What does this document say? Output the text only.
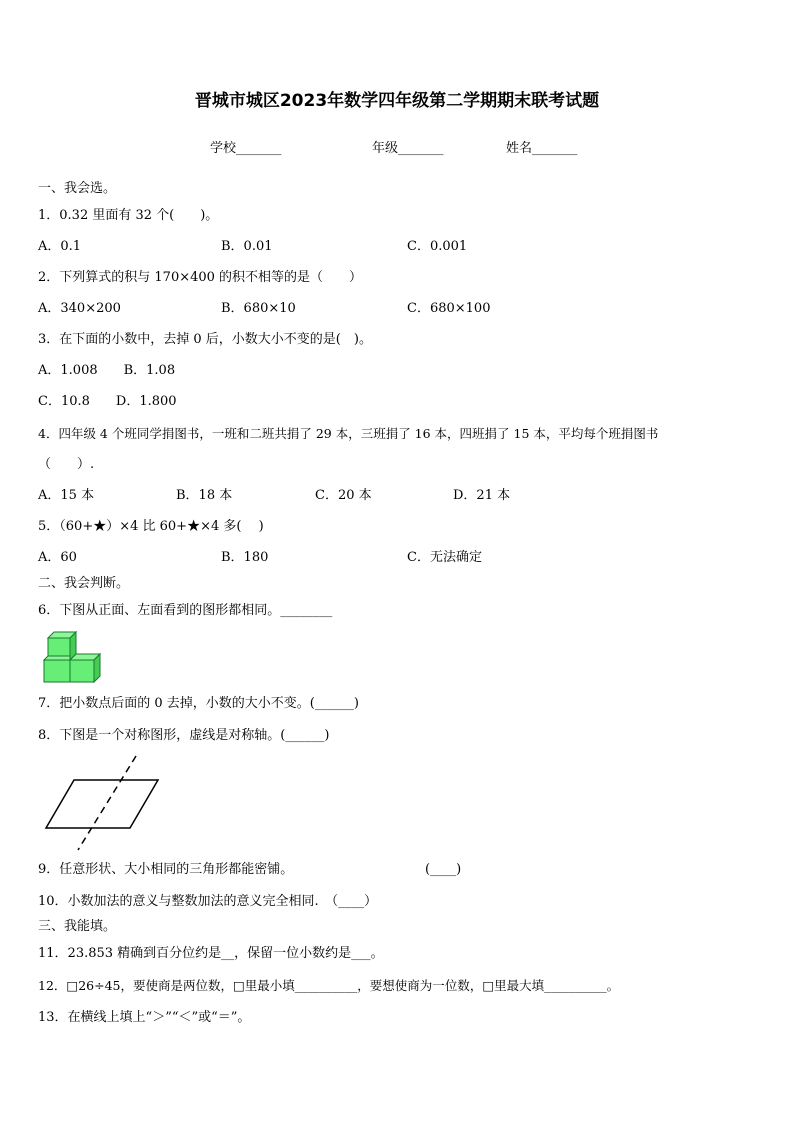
晋城市城区2023年数学四年级第二学期期末联考试题
学校_______	年级_______	姓名_______
一、我会选。
1．0.32 里面有 32 个(　　)。
A．0.1	B．0.01	C．0.001
2．下列算式的积与 170×400 的积不相等的是（　　）
A．340×200	B．680×10	C．680×100
3．在下面的小数中，去掉 0 后，小数大小不变的是(　)。
A．1.008　　B．1.08
C．10.8　　D．1.800
4．四年级 4 个班同学捐图书，一班和二班共捐了 29 本，三班捐了 16 本，四班捐了 15 本，平均每个班捐图书
（　　）.
A．15 本	B．18 本	C．20 本	D．21 本
5．（60+★）×4 比 60+★×4 多(　 )
A．60	B．180	C．无法确定
二、我会判断。
6．下图从正面、左面看到的图形都相同。________
7．把小数点后面的 0 去掉，小数的大小不变。(______)
8．下图是一个对称图形，虚线是对称轴。(______)
9．任意形状、大小相同的三角形都能密铺。	(____)
10．小数加法的意义与整数加法的意义完全相同.　（____）
三、我能填。
11．23.853 精确到百分位约是__，保留一位小数约是___。
12．□26÷45，要使商是两位数，□里最小填__________，要想使商为一位数，□里最大填__________。
13．在横线上填上“＞”“＜”或“＝”。
